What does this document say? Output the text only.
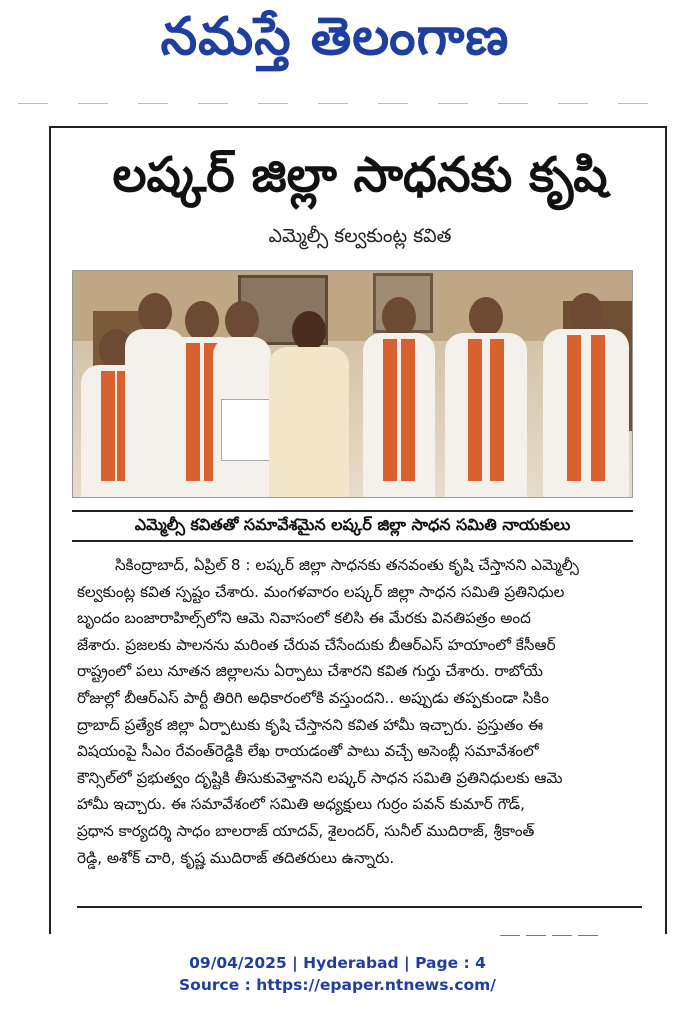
నమస్తే తెలంగాణ
లష్కర్ జిల్లా సాధనకు కృషి
ఎమ్మెల్సీ కల్వకుంట్ల కవిత
ఎమ్మెల్సీ కవితతో సమావేశమైన లష్కర్ జిల్లా సాధన సమితి నాయకులు
సికింద్రాబాద్, ఏప్రిల్ 8 : లష్కర్ జిల్లా సాధనకు తనవంతు కృషి చేస్తానని ఎమ్మెల్సీ
కల్వకుంట్ల కవిత స్పష్టం చేశారు. మంగళవారం లష్కర్ జిల్లా సాధన సమితి ప్రతినిధుల
బృందం బంజారాహిల్స్‌లోని ఆమె నివాసంలో కలిసి ఈ మేరకు వినతిపత్రం అంద
జేశారు. ప్రజలకు పాలనను మరింత చేరువ చేసేందుకు బీఆర్‌ఎస్ హయాంలో కేసీఆర్
రాష్ట్రంలో పలు నూతన జిల్లాలను ఏర్పాటు చేశారని కవిత గుర్తు చేశారు. రాబోయే
రోజుల్లో బీఆర్‌ఎస్ పార్టీ తిరిగి అధికారంలోకి వస్తుందని.. అప్పుడు తప్పకుండా సికిం
ద్రాబాద్ ప్రత్యేక జిల్లా ఏర్పాటుకు కృషి చేస్తానని కవిత హామీ ఇచ్చారు. ప్రస్తుతం ఈ
విషయంపై సీఎం రేవంత్‌రెడ్డికి లేఖ రాయడంతో పాటు వచ్చే అసెంబ్లీ సమావేశంలో
కౌన్సిల్‌లో ప్రభుత్వం దృష్టికి తీసుకువెళ్తానని లష్కర్ సాధన సమితి ప్రతినిధులకు ఆమె
హామీ ఇచ్చారు. ఈ సమావేశంలో సమితి అధ్యక్షులు గుర్రం పవన్ కుమార్ గౌడ్,
ప్రధాన కార్యదర్శి సాధం బాలరాజ్ యాదవ్, శైలందర్, సునీల్ ముదిరాజ్, శ్రీకాంత్
రెడ్డి, అశోక్ చారి, కృష్ణ ముదిరాజ్ తదితరులు ఉన్నారు.
09/04/2025 | Hyderabad | Page : 4
Source : https://epaper.ntnews.com/
